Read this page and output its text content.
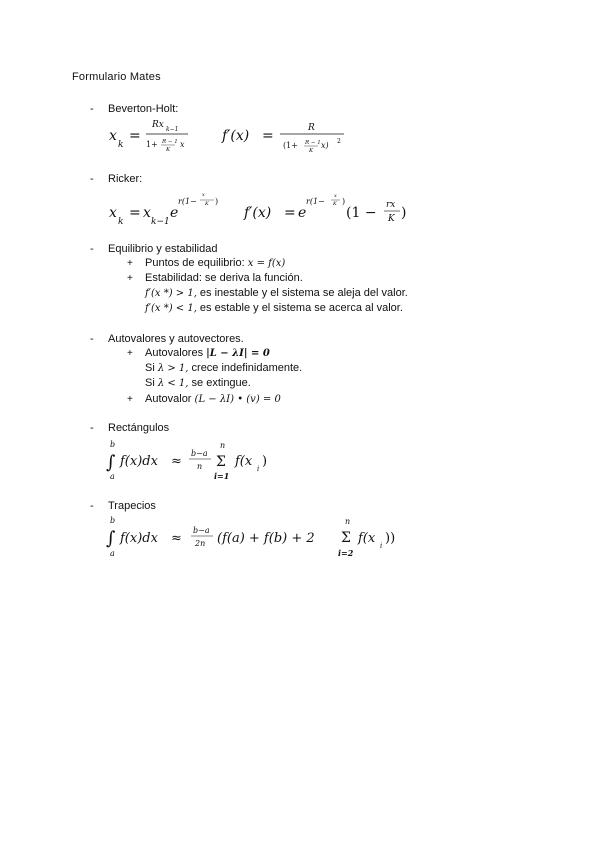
Formulario Mates
- Beverton-Holt:
x
k
=
Rx k−1
1+ R − 1
K
x
f′(x) =	R
(1+ R − 1
K
x) 2
- Ricker:
x
k
= x
k−1
e
r(1−
x
K )
f′(x) = e
r(1−
x
K )
(1 − rx
K )
- Equilibrio y estabilidad
+ Puntos de equilibrio: x = f(x)
+ Estabilidad: se deriva la función.
f′(x *) > 1, es inestable y el sistema se aleja del valor.
f′(x *) < 1, es estable y el sistema se acerca al valor.
- Autovalores y autovectores.
+ Autovalores |L − λI| = 0
Si λ > 1, crece indefinidamente.
Si λ < 1, se extingue.
+ Autovalor (L − λI) • (v) = 0
- Rectángulos
b
∫
a
f(x)dx ≈
b−a
n
n
Σ
i=1
f(x i )
- Trapecios
b
∫
a
f(x)dx ≈
b−a
2n (f(a) + f(b) + 2
n
Σ
i=2
f(x i ))
